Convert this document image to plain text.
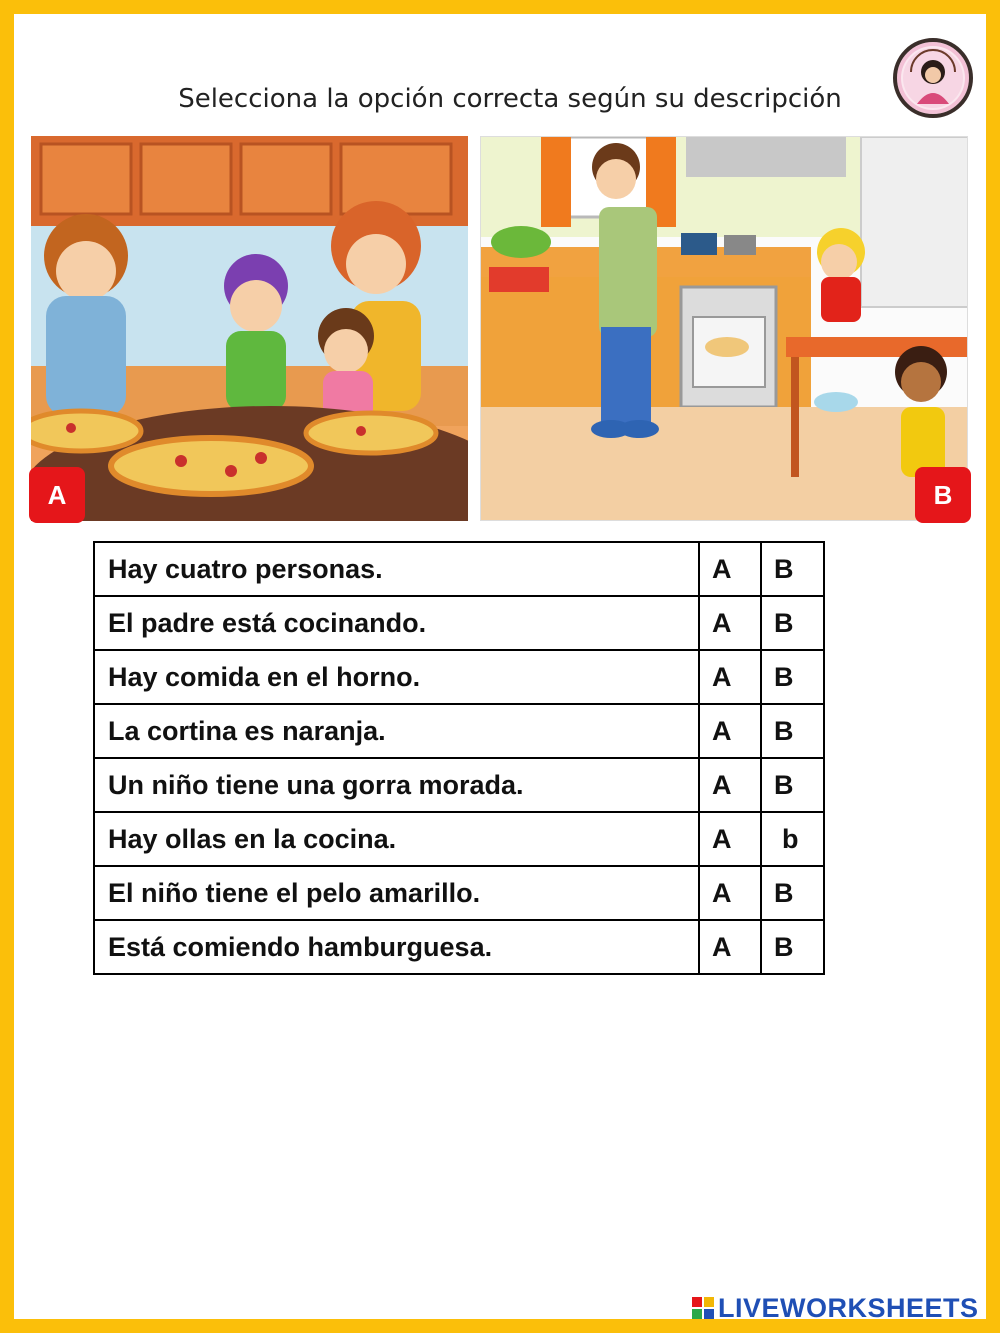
Selecciona la opción correcta según su descripción
A	B
Hay cuatro personas.	A	B
El padre está cocinando.	A	B
Hay comida en el horno.	A	B
La cortina es naranja.	A	B
Un niño tiene una gorra morada.	A	B
Hay ollas en la cocina.	A	b
El niño tiene el pelo amarillo.	A	B
Está comiendo hamburguesa.	A	B
LIVEWORKSHEETS
